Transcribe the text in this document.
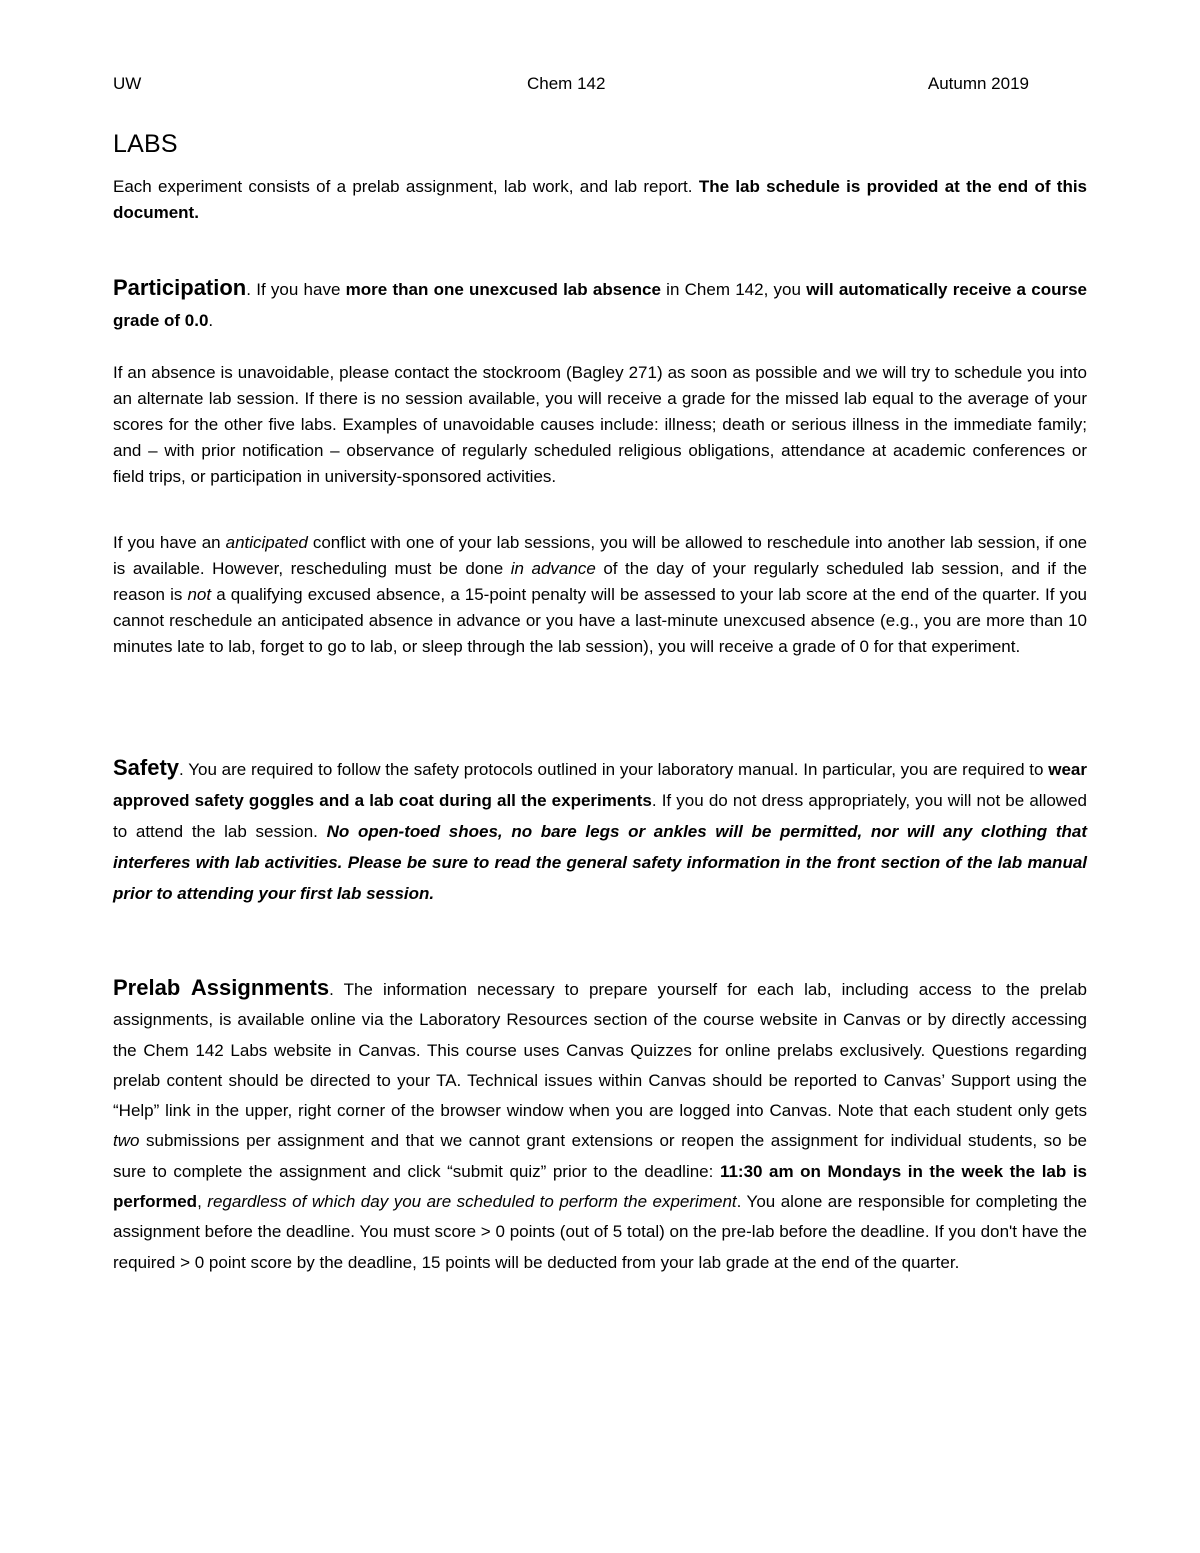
UW	Chem 142	Autumn 2019
LABS

Each experiment consists of a prelab assignment, lab work, and lab report. The lab schedule is provided at the end of this document.

Participation. If you have more than one unexcused lab absence in Chem 142, you will automatically receive a course grade of 0.0.

If an absence is unavoidable, please contact the stockroom (Bagley 271) as soon as possible and we will try to schedule you into an alternate lab session. If there is no session available, you will receive a grade for the missed lab equal to the average of your scores for the other five labs. Examples of unavoidable causes include: illness; death or serious illness in the immediate family; and – with prior notification – observance of regularly scheduled religious obligations, attendance at academic conferences or field trips, or participation in university-sponsored activities.

If you have an anticipated conflict with one of your lab sessions, you will be allowed to reschedule into another lab session, if one is available. However, rescheduling must be done in advance of the day of your regularly scheduled lab session, and if the reason is not a qualifying excused absence, a 15-point penalty will be assessed to your lab score at the end of the quarter. If you cannot reschedule an anticipated absence in advance or you have a last-minute unexcused absence (e.g., you are more than 10 minutes late to lab, forget to go to lab, or sleep through the lab session), you will receive a grade of 0 for that experiment.

Safety. You are required to follow the safety protocols outlined in your laboratory manual. In particular, you are required to wear approved safety goggles and a lab coat during all the experiments. If you do not dress appropriately, you will not be allowed to attend the lab session. No open-toed shoes, no bare legs or ankles will be permitted, nor will any clothing that interferes with lab activities. Please be sure to read the general safety information in the front section of the lab manual prior to attending your first lab session.

Prelab Assignments. The information necessary to prepare yourself for each lab, including access to the prelab assignments, is available online via the Laboratory Resources section of the course website in Canvas or by directly accessing the Chem 142 Labs website in Canvas. This course uses Canvas Quizzes for online prelabs exclusively. Questions regarding prelab content should be directed to your TA. Technical issues within Canvas should be reported to Canvas’ Support using the “Help” link in the upper, right corner of the browser window when you are logged into Canvas. Note that each student only gets two submissions per assignment and that we cannot grant extensions or reopen the assignment for individual students, so be sure to complete the assignment and click “submit quiz” prior to the deadline: 11:30 am on Mondays in the week the lab is performed, regardless of which day you are scheduled to perform the experiment. You alone are responsible for completing the assignment before the deadline. You must score > 0 points (out of 5 total) on the pre-lab before the deadline. If you don't have the required > 0 point score by the deadline, 15 points will be deducted from your lab grade at the end of the quarter.
